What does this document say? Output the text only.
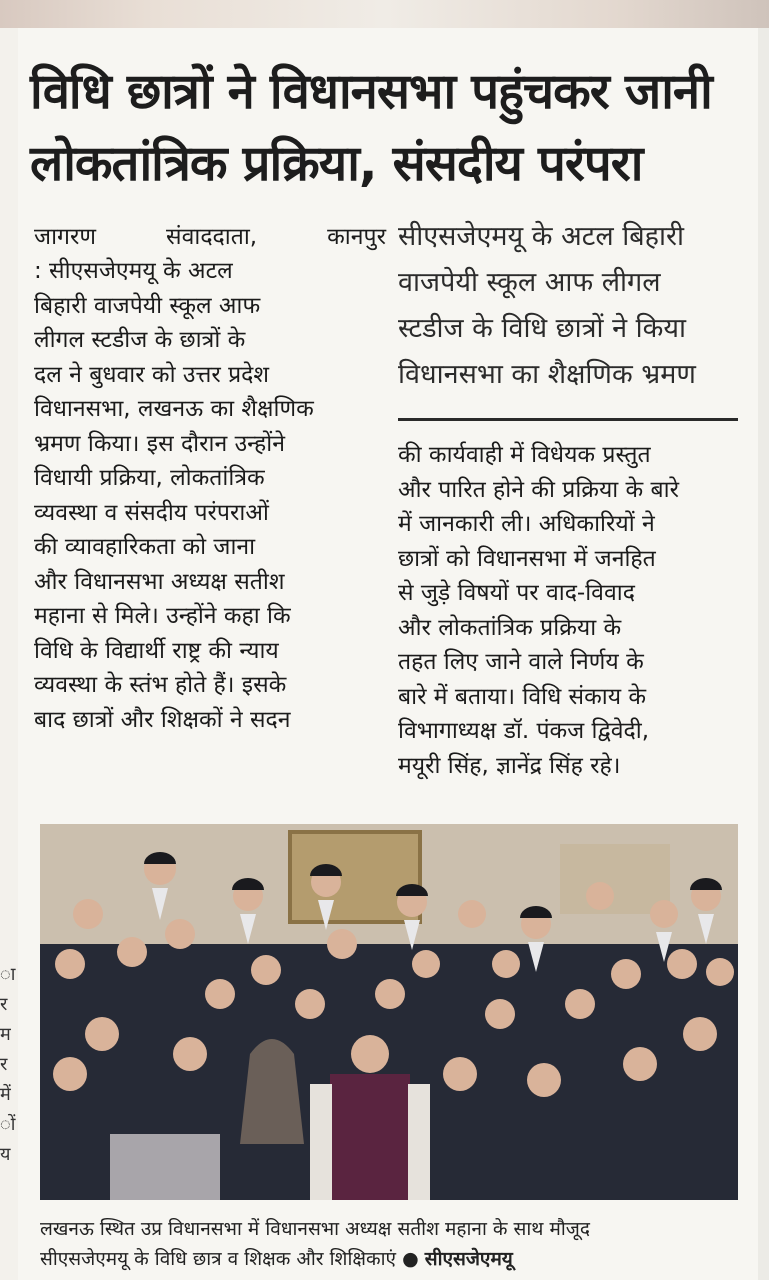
विधि छात्रों ने विधानसभा पहुंचकर जानी
लोकतांत्रिक प्रक्रिया, संसदीय परंपरा
जागरण	संवाददाता,	कानपुर
: सीएसजेएमयू के अटल
बिहारी वाजपेयी स्कूल आफ
लीगल स्टडीज के छात्रों के
दल ने बुधवार को उत्तर प्रदेश
विधानसभा, लखनऊ का शैक्षणिक
भ्रमण किया। इस दौरान उन्होंने
विधायी प्रक्रिया, लोकतांत्रिक
व्यवस्था व संसदीय परंपराओं
की व्यावहारिकता को जाना
और विधानसभा अध्यक्ष सतीश
महाना से मिले। उन्होंने कहा कि
विधि के विद्यार्थी राष्ट्र की न्याय
व्यवस्था के स्तंभ होते हैं। इसके
बाद छात्रों और शिक्षकों ने सदन
सीएसजेएमयू के अटल बिहारी
वाजपेयी स्कूल आफ लीगल
स्टडीज के विधि छात्रों ने किया
विधानसभा का शैक्षणिक भ्रमण
की कार्यवाही में विधेयक प्रस्तुत
और पारित होने की प्रक्रिया के बारे
में जानकारी ली। अधिकारियों ने
छात्रों को विधानसभा में जनहित
से जुड़े विषयों पर वाद-विवाद
और लोकतांत्रिक प्रक्रिया के
तहत लिए जाने वाले निर्णय के
बारे में बताया। विधि संकाय के
विभागाध्यक्ष डॉ. पंकज द्विवेदी,
मयूरी सिंह, ज्ञानेंद्र सिंह रहे।
लखनऊ स्थित उप्र विधानसभा में विधानसभा अध्यक्ष सतीश महाना के साथ मौजूद
सीएसजेएमयू के विधि छात्र व शिक्षक और शिक्षिकाएं ● सीएसजेएमयू
ा
र
म
र
में
ों
य
